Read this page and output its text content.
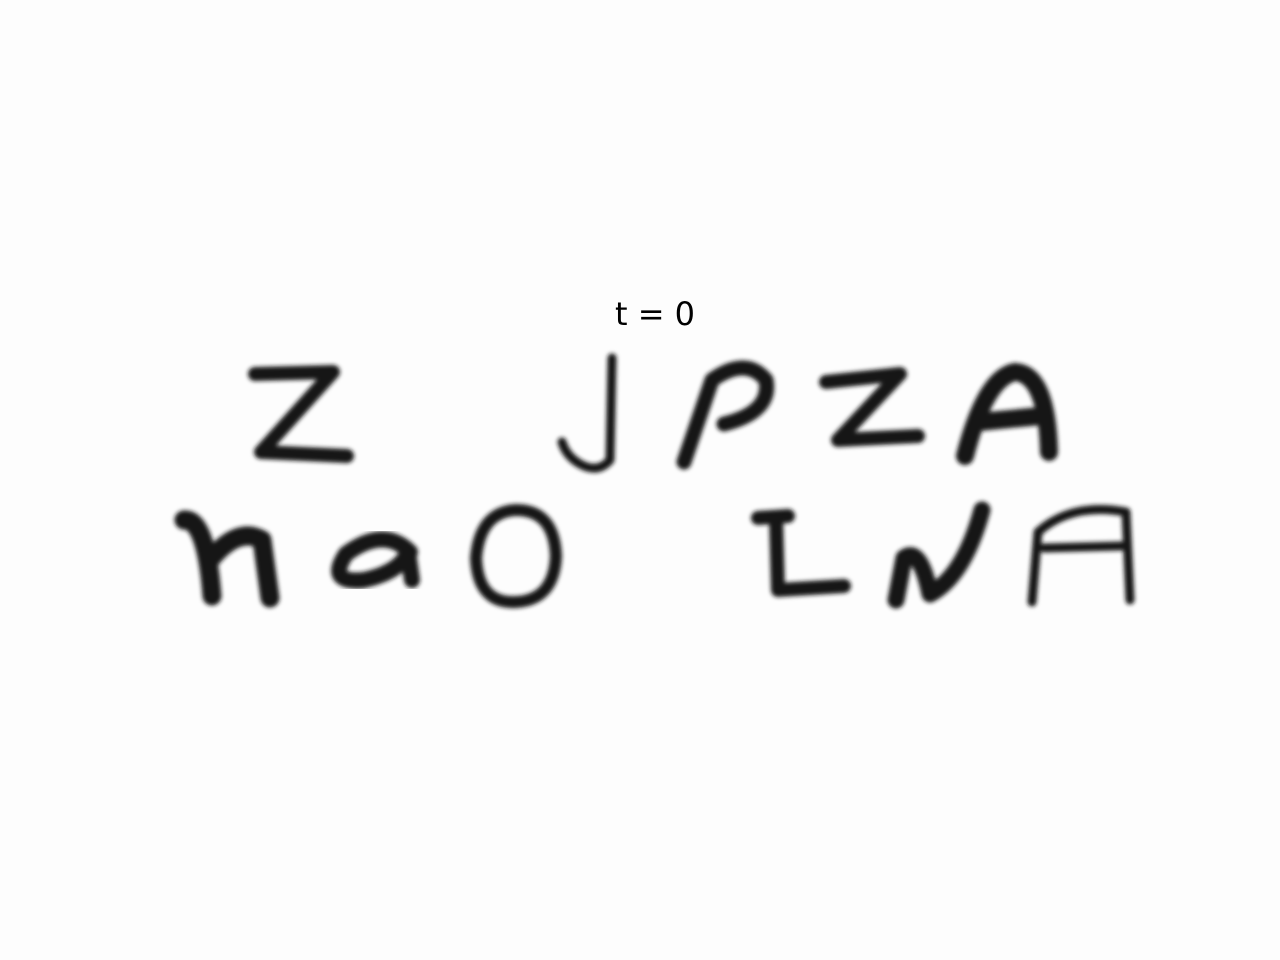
t = 0
